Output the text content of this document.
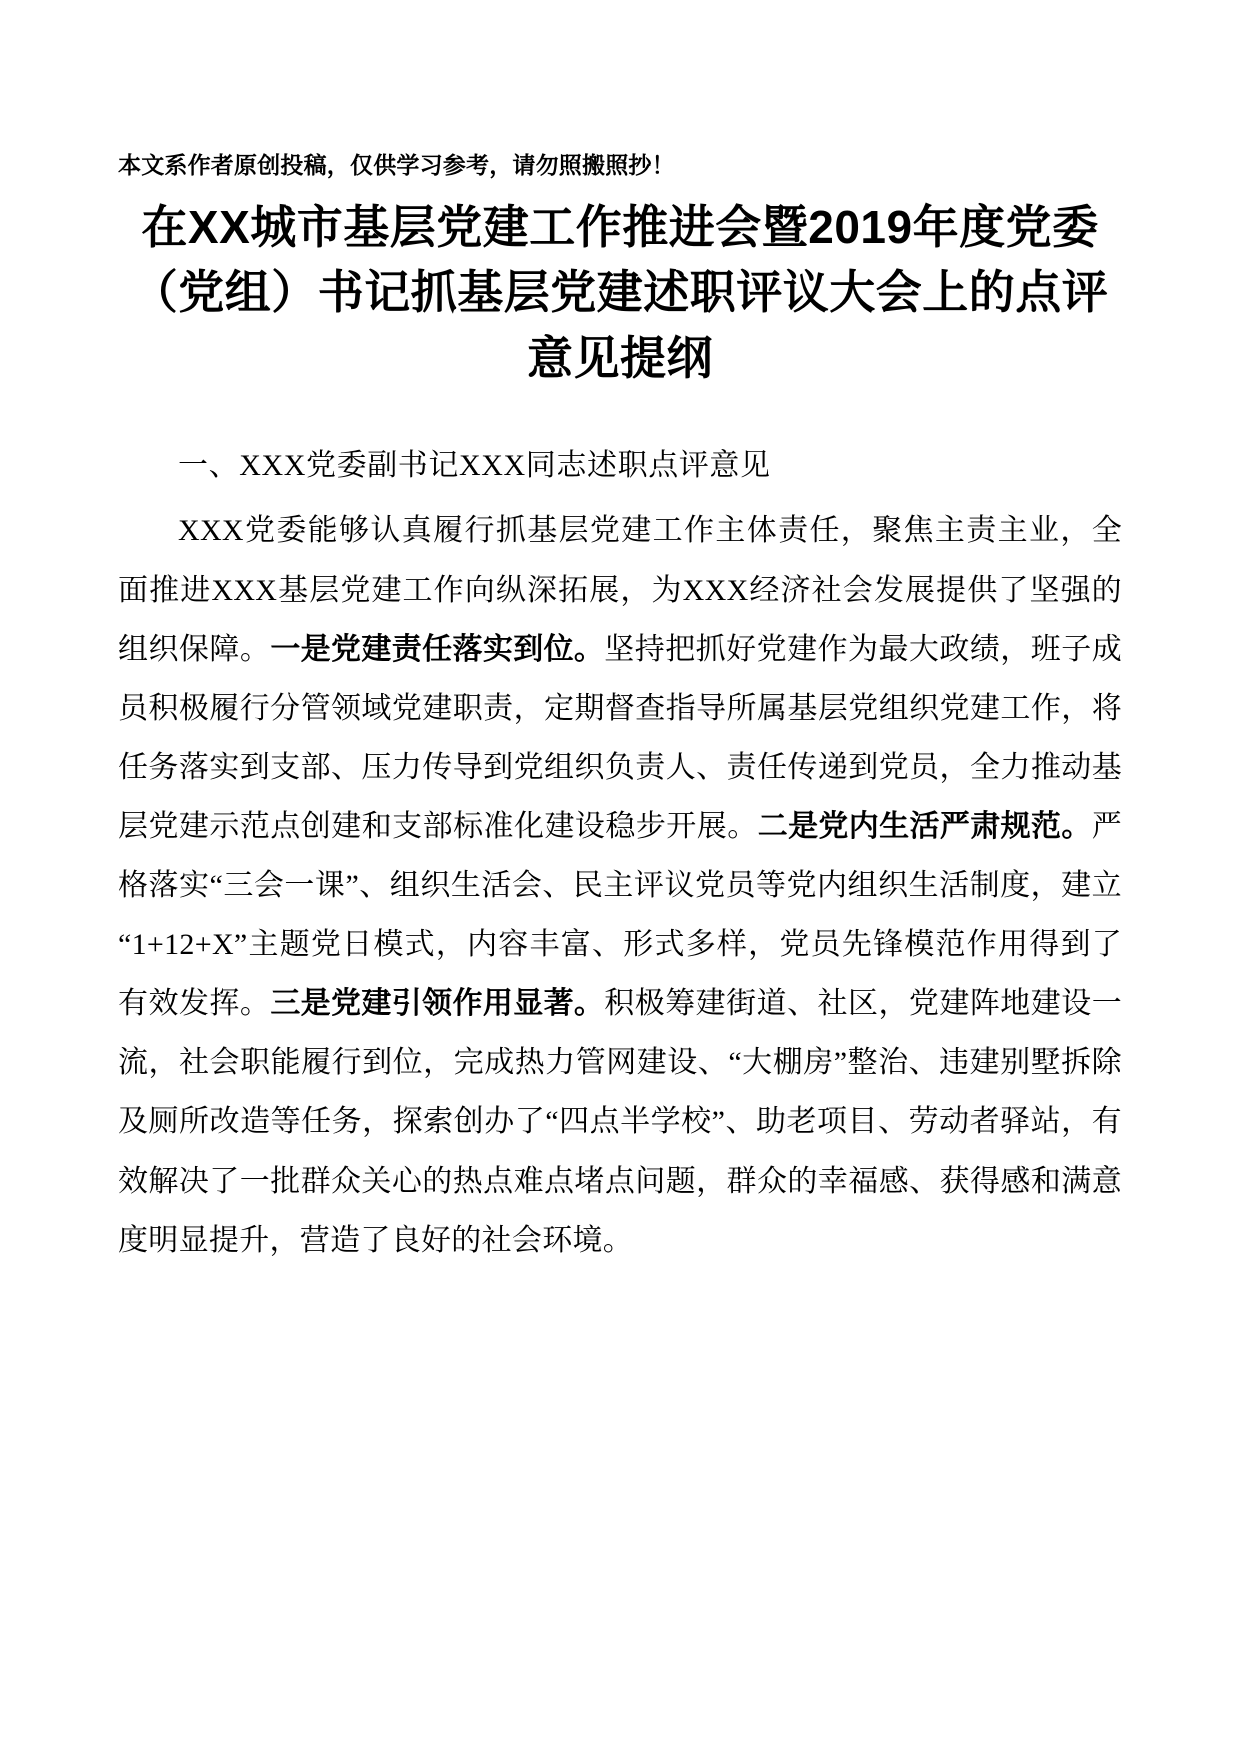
本文系作者原创投稿，仅供学习参考，请勿照搬照抄！

在XX城市基层党建工作推进会暨2019年度党委（党组）书记抓基层党建述职评议大会上的点评意见提纲

一、XXX党委副书记XXX同志述职点评意见

XXX党委能够认真履行抓基层党建工作主体责任，聚焦主责主业，全面推进XXX基层党建工作向纵深拓展，为XXX经济社会发展提供了坚强的组织保障。一是党建责任落实到位。坚持把抓好党建作为最大政绩，班子成员积极履行分管领域党建职责，定期督查指导所属基层党组织党建工作，将任务落实到支部、压力传导到党组织负责人、责任传递到党员，全力推动基层党建示范点创建和支部标准化建设稳步开展。二是党内生活严肃规范。严格落实“三会一课”、组织生活会、民主评议党员等党内组织生活制度，建立“1+12+X”主题党日模式，内容丰富、形式多样，党员先锋模范作用得到了有效发挥。三是党建引领作用显著。积极筹建街道、社区，党建阵地建设一流，社会职能履行到位，完成热力管网建设、“大棚房”整治、违建别墅拆除及厕所改造等任务，探索创办了“四点半学校”、助老项目、劳动者驿站，有效解决了一批群众关心的热点难点堵点问题，群众的幸福感、获得感和满意度明显提升，营造了良好的社会环境。
